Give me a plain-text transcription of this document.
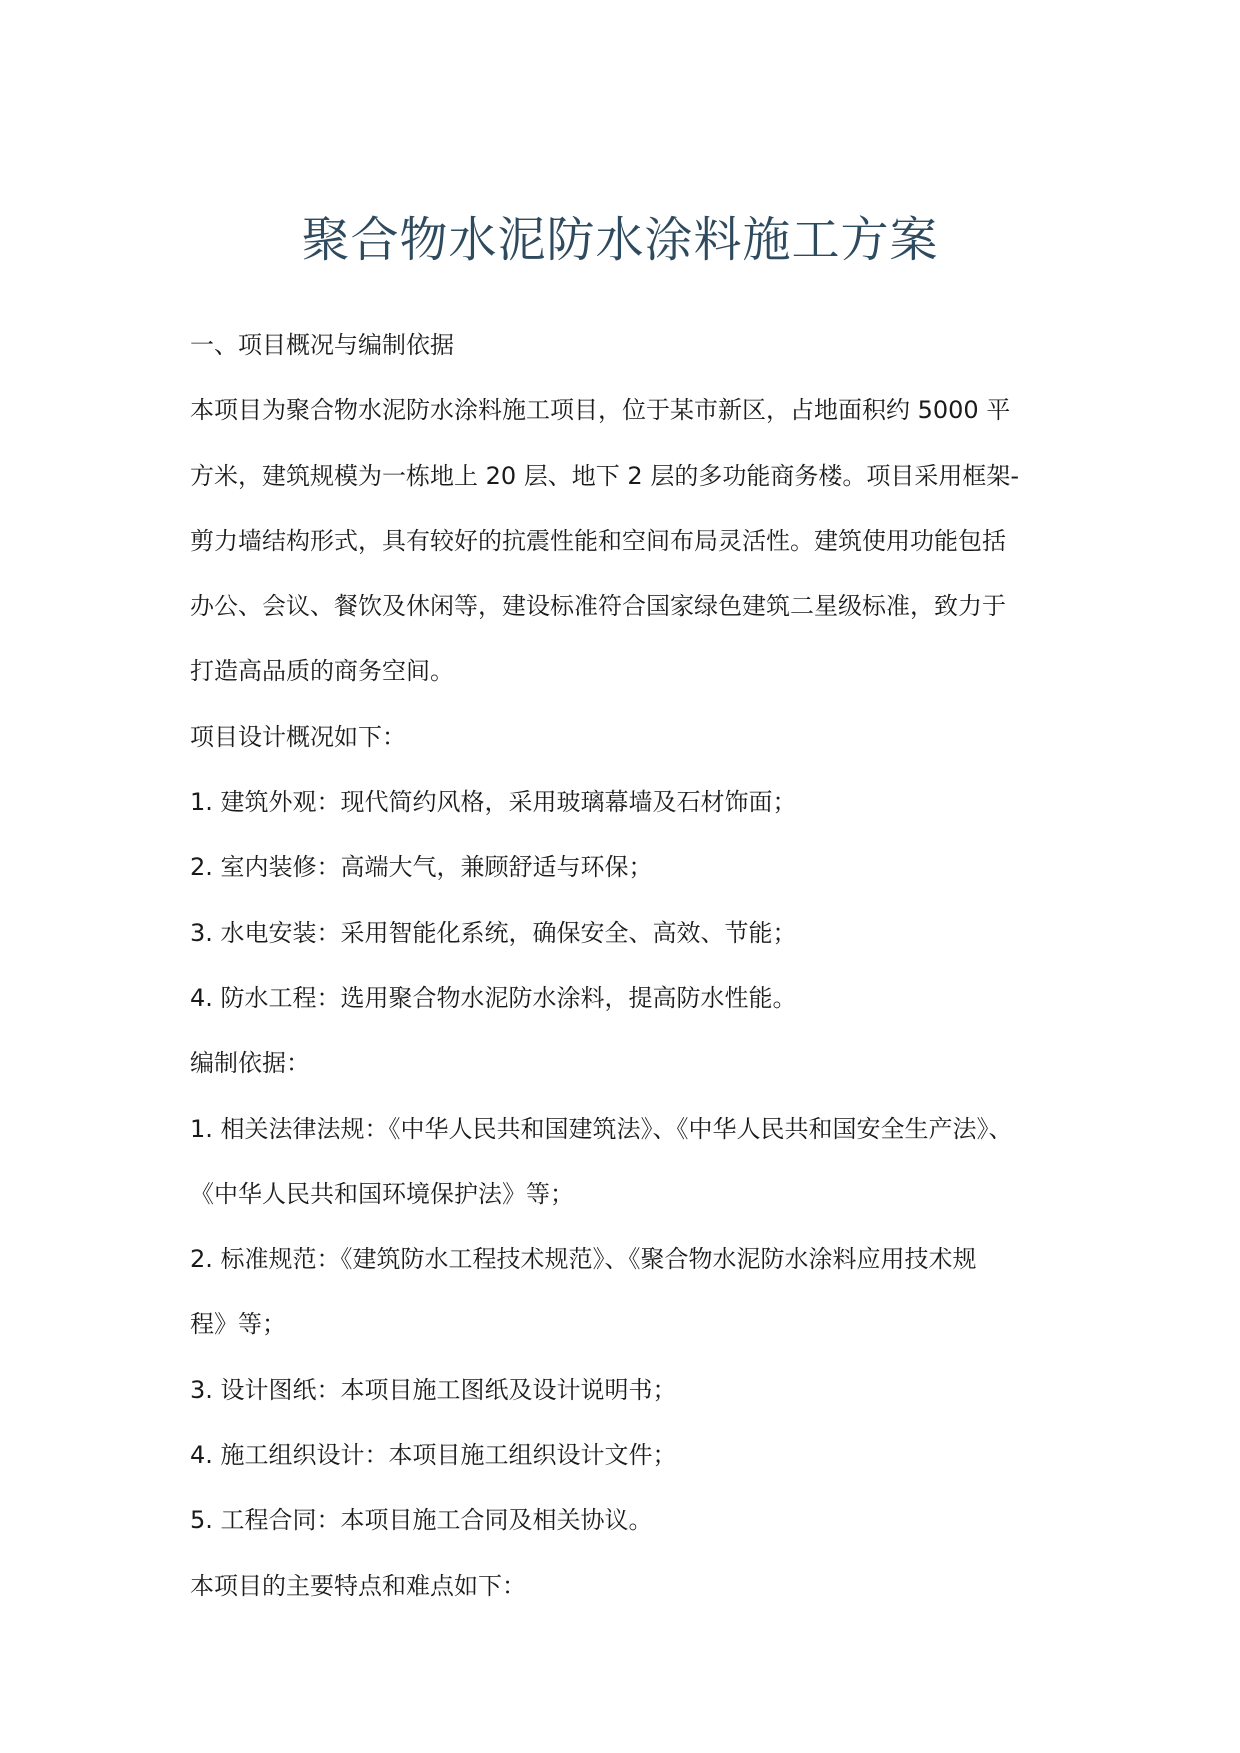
聚合物水泥防水涂料施工方案
一、项目概况与编制依据
本项目为聚合物水泥防水涂料施工项目，位于某市新区，占地面积约 5000 平
方米，建筑规模为一栋地上 20 层、地下 2 层的多功能商务楼。项目采用框架-
剪力墙结构形式，具有较好的抗震性能和空间布局灵活性。建筑使用功能包括
办公、会议、餐饮及休闲等，建设标准符合国家绿色建筑二星级标准，致力于
打造高品质的商务空间。
项目设计概况如下：
1. 建筑外观：现代简约风格，采用玻璃幕墙及石材饰面；
2. 室内装修：高端大气，兼顾舒适与环保；
3. 水电安装：采用智能化系统，确保安全、高效、节能；
4. 防水工程：选用聚合物水泥防水涂料，提高防水性能。
编制依据：
1. 相关法律法规：《中华人民共和国建筑法》、《中华人民共和国安全生产法》、
《中华人民共和国环境保护法》等；
2. 标准规范：《建筑防水工程技术规范》、《聚合物水泥防水涂料应用技术规
程》等；
3. 设计图纸：本项目施工图纸及设计说明书；
4. 施工组织设计：本项目施工组织设计文件；
5. 工程合同：本项目施工合同及相关协议。
本项目的主要特点和难点如下：
